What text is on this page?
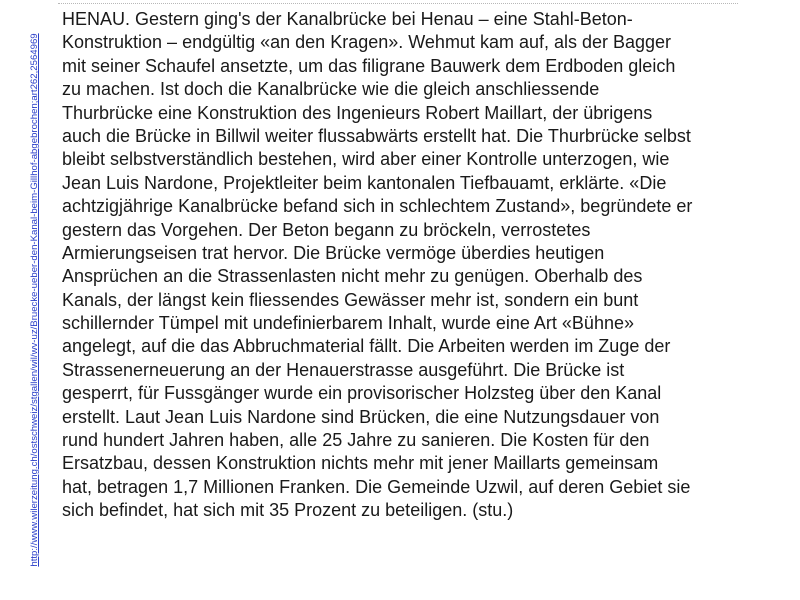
http://www.wilerzeitung.ch/ostschweiz/stgallen/wil/wv-uz/Bruecke-ueber-den-Kanal-beim-Gillhof-abgebrochen;art262,2564969
HENAU. Gestern ging's der Kanalbrücke bei Henau – eine Stahl-Beton-
Konstruktion – endgültig «an den Kragen». Wehmut kam auf, als der Bagger
mit seiner Schaufel ansetzte, um das filigrane Bauwerk dem Erdboden gleich
zu machen. Ist doch die Kanalbrücke wie die gleich anschliessende
Thurbrücke eine Konstruktion des Ingenieurs Robert Maillart, der übrigens
auch die Brücke in Billwil weiter flussabwärts erstellt hat. Die Thurbrücke selbst
bleibt selbstverständlich bestehen, wird aber einer Kontrolle unterzogen, wie
Jean Luis Nardone, Projektleiter beim kantonalen Tiefbauamt, erklärte. «Die
achtzigjährige Kanalbrücke befand sich in schlechtem Zustand», begründete er
gestern das Vorgehen. Der Beton begann zu bröckeln, verrostetes
Armierungseisen trat hervor. Die Brücke vermöge überdies heutigen
Ansprüchen an die Strassenlasten nicht mehr zu genügen. Oberhalb des
Kanals, der längst kein fliessendes Gewässer mehr ist, sondern ein bunt
schillernder Tümpel mit undefinierbarem Inhalt, wurde eine Art «Bühne»
angelegt, auf die das Abbruchmaterial fällt. Die Arbeiten werden im Zuge der
Strassenerneuerung an der Henauerstrasse ausgeführt. Die Brücke ist
gesperrt, für Fussgänger wurde ein provisorischer Holzsteg über den Kanal
erstellt. Laut Jean Luis Nardone sind Brücken, die eine Nutzungsdauer von
rund hundert Jahren haben, alle 25 Jahre zu sanieren. Die Kosten für den
Ersatzbau, dessen Konstruktion nichts mehr mit jener Maillarts gemeinsam
hat, betragen 1,7 Millionen Franken. Die Gemeinde Uzwil, auf deren Gebiet sie
sich befindet, hat sich mit 35 Prozent zu beteiligen. (stu.)
